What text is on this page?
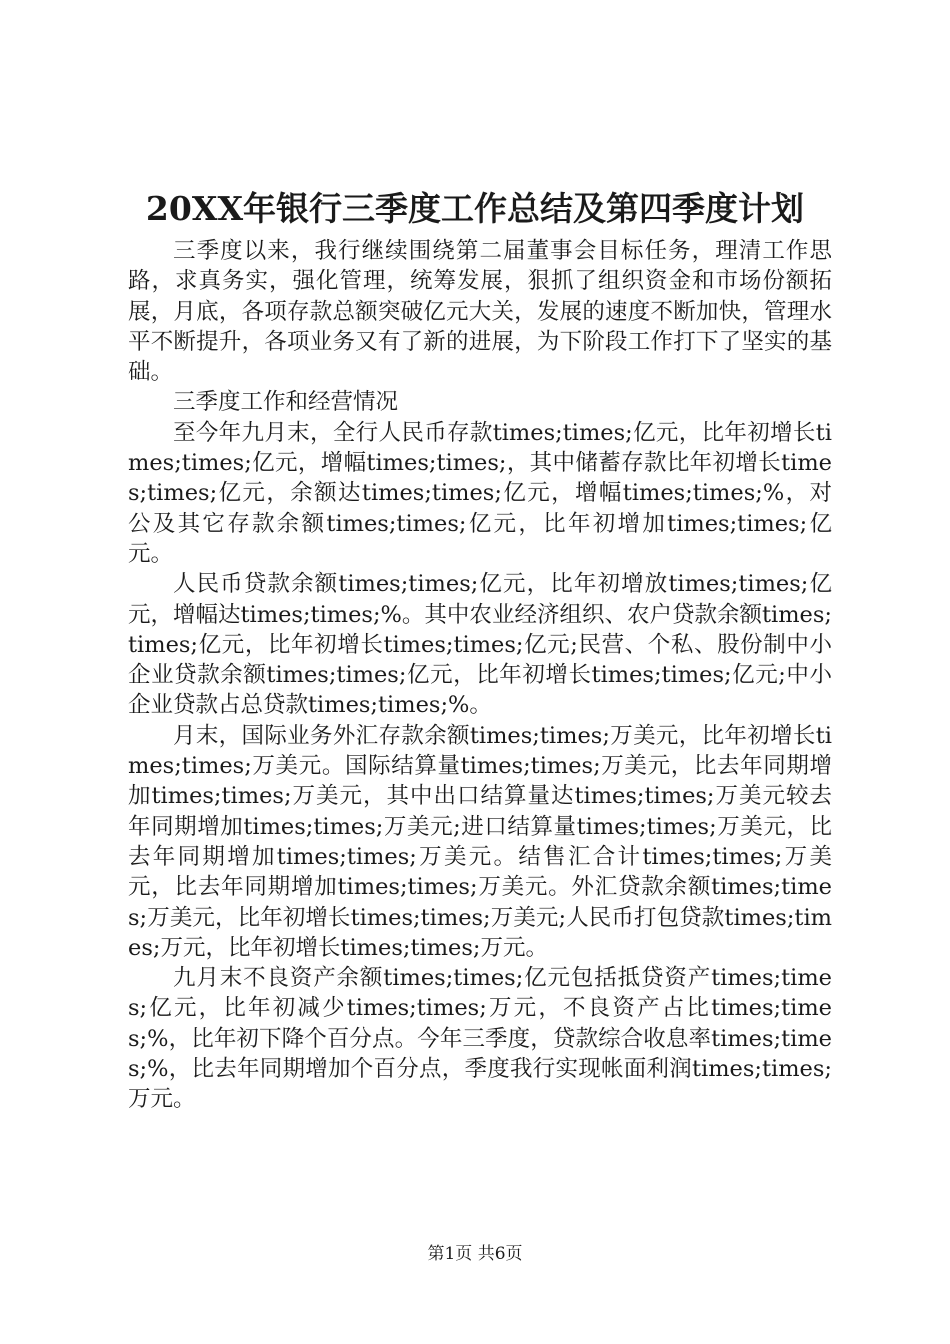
20XX年银行三季度工作总结及第四季度计划

三季度以来，我行继续围绕第二届董事会目标任务，理清工作思路，求真务实，强化管理，统筹发展，狠抓了组织资金和市场份额拓展，月底，各项存款总额突破亿元大关，发展的速度不断加快，管理水平不断提升，各项业务又有了新的进展，为下阶段工作打下了坚实的基础。

三季度工作和经营情况

至今年九月末，全行人民币存款times;times;亿元，比年初增长times;times;亿元，增幅times;times;，其中储蓄存款比年初增长times;times;亿元，余额达times;times;亿元，增幅times;times;%，对公及其它存款余额times;times;亿元，比年初增加times;times;亿元。

人民币贷款余额times;times;亿元，比年初增放times;times;亿元，增幅达times;times;%。其中农业经济组织、农户贷款余额times;times;亿元，比年初增长times;times;亿元;民营、个私、股份制中小企业贷款余额times;times;亿元，比年初增长times;times;亿元;中小企业贷款占总贷款times;times;%。

月末，国际业务外汇存款余额times;times;万美元，比年初增长times;times;万美元。国际结算量times;times;万美元，比去年同期增加times;times;万美元，其中出口结算量达times;times;万美元较去年同期增加times;times;万美元;进口结算量times;times;万美元，比去年同期增加times;times;万美元。结售汇合计times;times;万美元，比去年同期增加times;times;万美元。外汇贷款余额times;times;万美元，比年初增长times;times;万美元;人民币打包贷款times;times;万元，比年初增长times;times;万元。

九月末不良资产余额times;times;亿元包括抵贷资产times;times;亿元，比年初减少times;times;万元，不良资产占比times;times;%，比年初下降个百分点。今年三季度，贷款综合收息率times;times;%，比去年同期增加个百分点，季度我行实现帐面利润times;times;万元。

第1页 共6页
